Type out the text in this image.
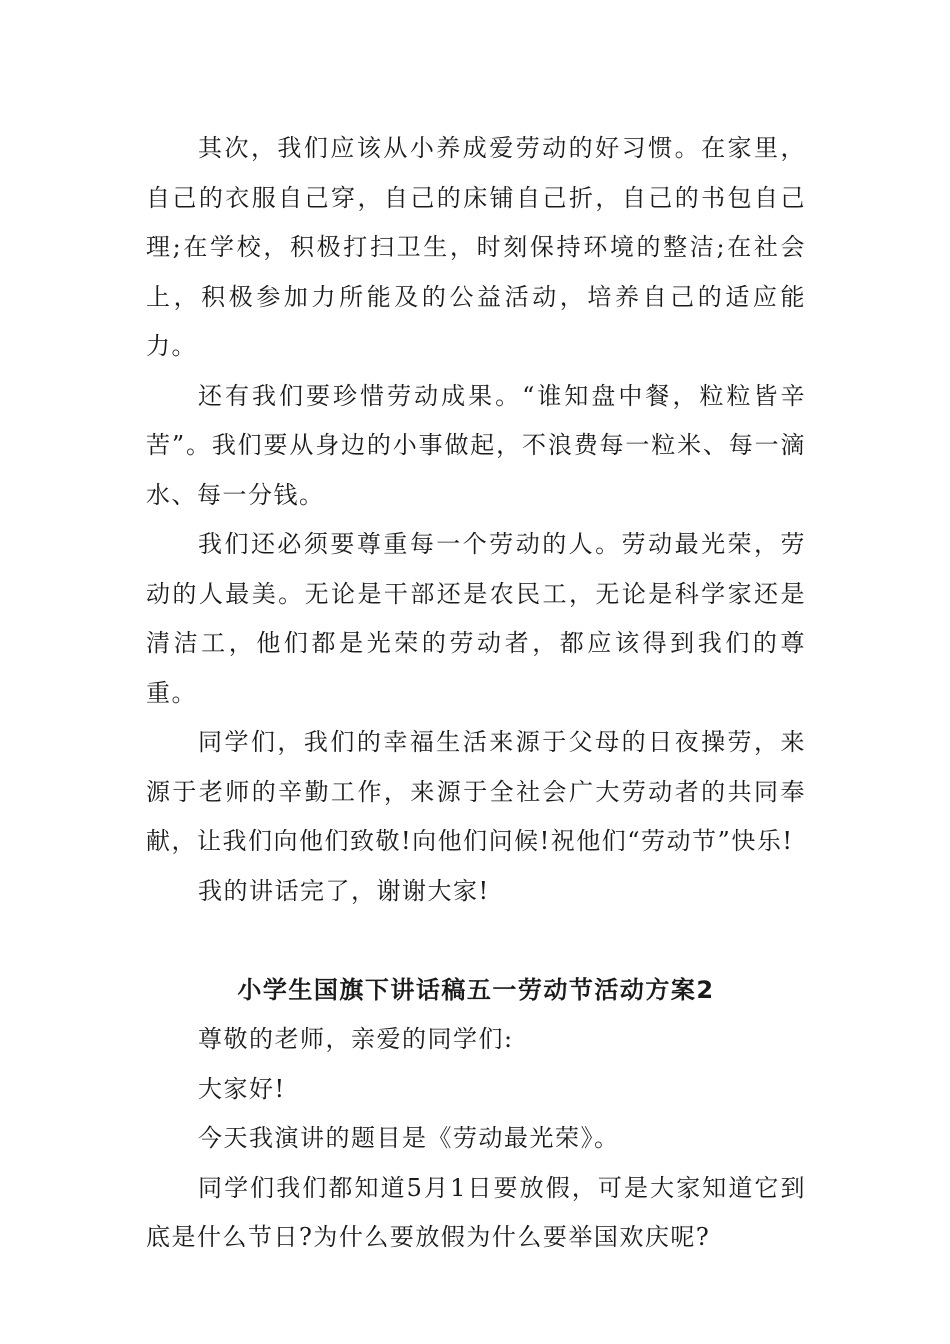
其次，我们应该从小养成爱劳动的好习惯。在家里，自己的衣服自己穿，自己的床铺自己折，自己的书包自己理;在学校，积极打扫卫生，时刻保持环境的整洁;在社会上，积极参加力所能及的公益活动，培养自己的适应能力。

还有我们要珍惜劳动成果。“谁知盘中餐，粒粒皆辛苦”。我们要从身边的小事做起，不浪费每一粒米、每一滴水、每一分钱。

我们还必须要尊重每一个劳动的人。劳动最光荣，劳动的人最美。无论是干部还是农民工，无论是科学家还是清洁工，他们都是光荣的劳动者，都应该得到我们的尊重。

同学们，我们的幸福生活来源于父母的日夜操劳，来源于老师的辛勤工作，来源于全社会广大劳动者的共同奉献，让我们向他们致敬!向他们问候!祝他们“劳动节”快乐!

我的讲话完了，谢谢大家!

小学生国旗下讲话稿五一劳动节活动方案2

尊敬的老师，亲爱的同学们:

大家好!

今天我演讲的题目是《劳动最光荣》。

同学们我们都知道5月1日要放假，可是大家知道它到底是什么节日?为什么要放假为什么要举国欢庆呢?
